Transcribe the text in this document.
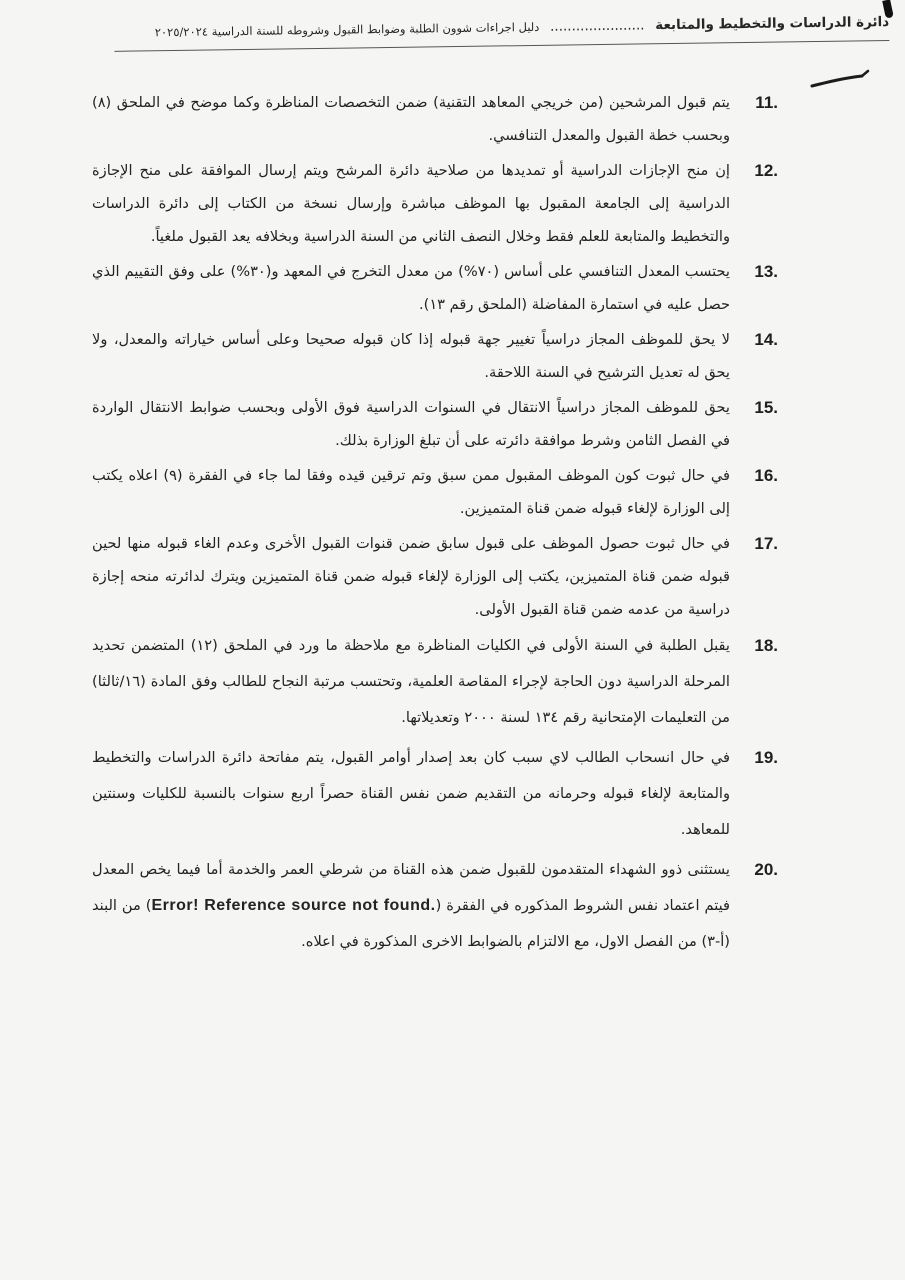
دائرة الدراسات والتخطيط والمتابعة ...................... دليل اجراءات شوون الطلبة وضوابط القبول وشروطه للسنة الدراسية ٢٠٢٥/٢٠٢٤
11.
يتم قبول المرشحين (من خريجي المعاهد التقنية) ضمن التخصصات المناظرة وكما موضح في الملحق (٨) وبحسب خطة القبول والمعدل التنافسي.
12.
إن منح الإجازات الدراسية أو تمديدها من صلاحية دائرة المرشح ويتم إرسال الموافقة على منح الإجازة الدراسية إلى الجامعة المقبول بها الموظف مباشرة وإرسال نسخة من الكتاب إلى دائرة الدراسات والتخطيط والمتابعة للعلم فقط وخلال النصف الثاني من السنة الدراسية وبخلافه يعد القبول ملغياً.
13.
يحتسب المعدل التنافسي على أساس (٧٠%) من معدل التخرج في المعهد و(٣٠%) على وفق التقييم الذي حصل عليه في استمارة المفاضلة (الملحق رقم ١٣).
14.
لا يحق للموظف المجاز دراسياً تغيير جهة قبوله إذا كان قبوله صحيحا وعلى أساس خياراته والمعدل، ولا يحق له تعديل الترشيح في السنة اللاحقة.
15.
يحق للموظف المجاز دراسياً الانتقال في السنوات الدراسية فوق الأولى وبحسب ضوابط الانتقال الواردة في الفصل الثامن وشرط موافقة دائرته على أن تبلغ الوزارة بذلك.
16.
في حال ثبوت كون الموظف المقبول ممن سبق وتم ترقين قيده وفقا لما جاء في الفقرة (٩) اعلاه يكتب إلى الوزارة لإلغاء قبوله ضمن قناة المتميزين.
17.
في حال ثبوت حصول الموظف على قبول سابق ضمن قنوات القبول الأخرى وعدم الغاء قبوله منها لحين قبوله ضمن قناة المتميزين، يكتب إلى الوزارة لإلغاء قبوله ضمن قناة المتميزين ويترك لدائرته منحه إجازة دراسية من عدمه ضمن قناة القبول الأولى.
18.
يقبل الطلبة في السنة الأولى في الكليات المناظرة مع ملاحظة ما ورد في الملحق (١٢) المتضمن تحديد المرحلة الدراسية دون الحاجة لإجراء المقاصة العلمية، وتحتسب مرتبة النجاح للطالب وفق المادة (١٦/ثالثا) من التعليمات الإمتحانية رقم ١٣٤ لسنة ٢٠٠٠ وتعديلاتها.
19.
في حال انسحاب الطالب لاي سبب كان بعد إصدار أوامر القبول، يتم مفاتحة دائرة الدراسات والتخطيط والمتابعة لإلغاء قبوله وحرمانه من التقديم ضمن نفس القناة حصراً اربع سنوات بالنسبة للكليات وسنتين للمعاهد.
20.
يستثنى ذوو الشهداء المتقدمون للقبول ضمن هذه القناة من شرطي العمر والخدمة أما فيما يخص المعدل فيتم اعتماد نفس الشروط المذكوره في الفقرة (Error! Reference source not found.) من البند (أ-٣) من الفصل الاول، مع الالتزام بالضوابط الاخرى المذكورة في اعلاه.
